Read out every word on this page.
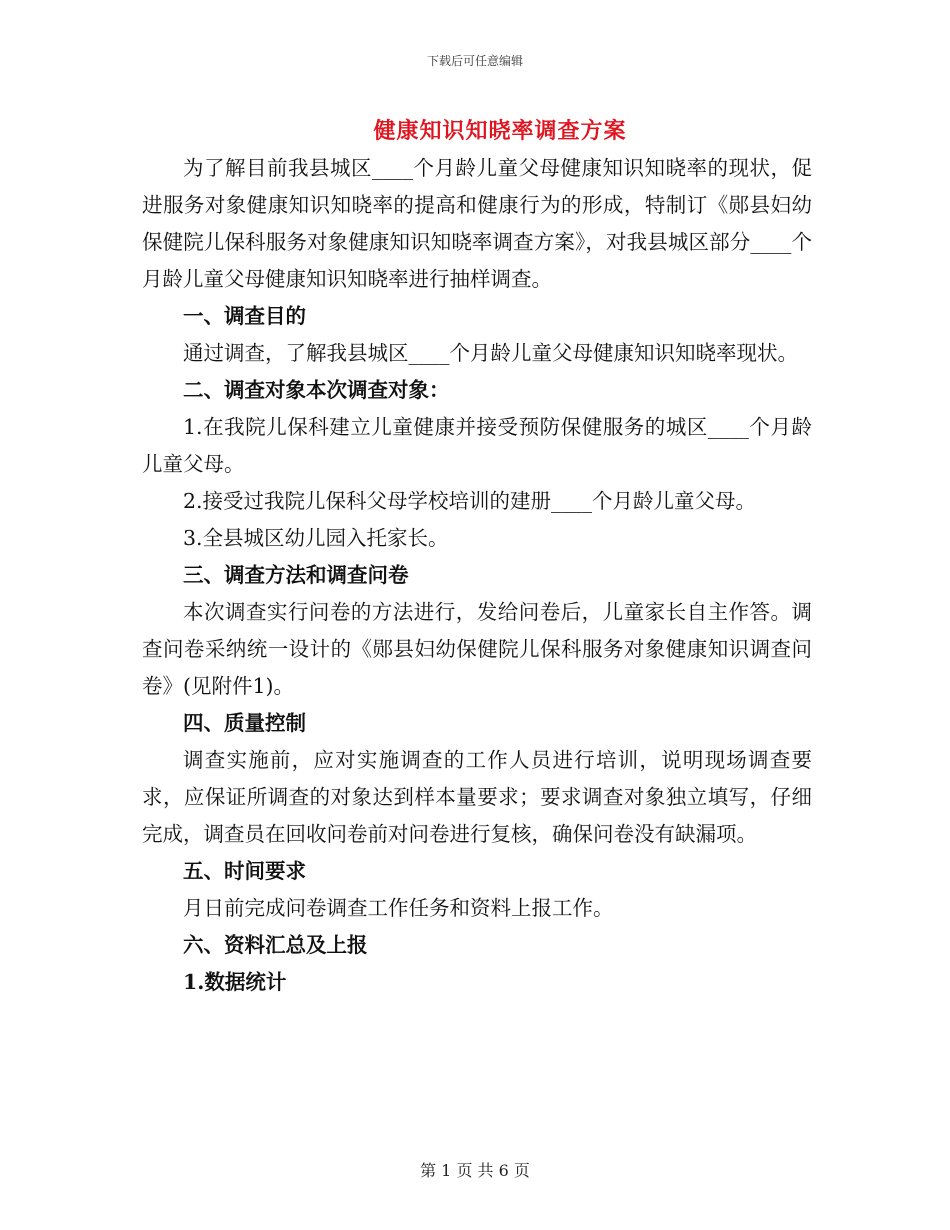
下载后可任意编辑
健康知识知晓率调查方案

为了解目前我县城区____个月龄儿童父母健康知识知晓率的现状，促进服务对象健康知识知晓率的提高和健康行为的形成，特制订《郧县妇幼保健院儿保科服务对象健康知识知晓率调查方案》，对我县城区部分____个月龄儿童父母健康知识知晓率进行抽样调查。

一、调查目的

通过调查，了解我县城区____个月龄儿童父母健康知识知晓率现状。

二、调查对象本次调查对象：

1.在我院儿保科建立儿童健康并接受预防保健服务的城区____个月龄儿童父母。

2.接受过我院儿保科父母学校培训的建册____个月龄儿童父母。

3.全县城区幼儿园入托家长。

三、调查方法和调查问卷

本次调查实行问卷的方法进行，发给问卷后，儿童家长自主作答。调查问卷采纳统一设计的《郧县妇幼保健院儿保科服务对象健康知识调查问卷》(见附件1)。

四、质量控制

调查实施前，应对实施调查的工作人员进行培训，说明现场调查要求，应保证所调查的对象达到样本量要求；要求调查对象独立填写，仔细完成，调查员在回收问卷前对问卷进行复核，确保问卷没有缺漏项。

五、时间要求

月日前完成问卷调查工作任务和资料上报工作。

六、资料汇总及上报

1.数据统计

第 1 页 共 6 页
